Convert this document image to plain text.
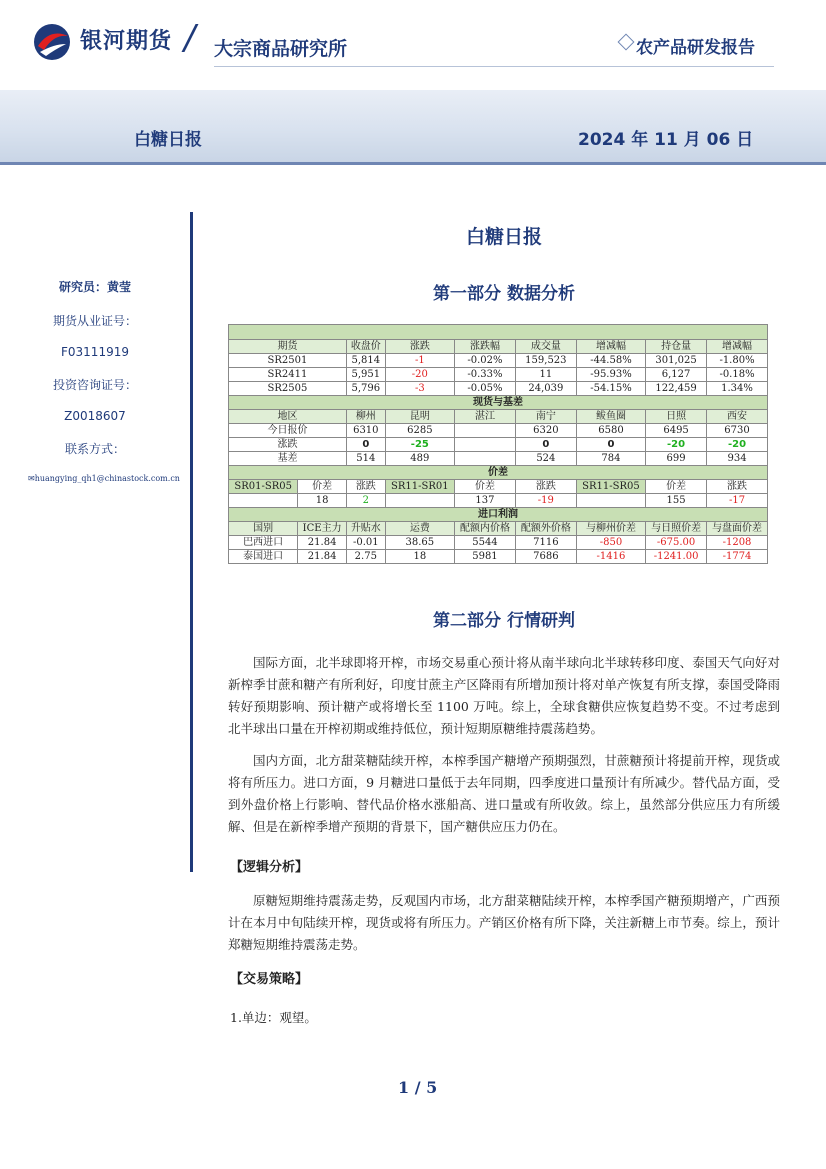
银河期货 / 大宗商品研究所	农产品研发报告
白糖日报	2024 年 11 月 06 日
研究员：黄莹
期货从业证号：
F03111919
投资咨询证号：
Z0018607
联系方式：
✉huangying_qh1@chinastock.com.cn
白糖日报
第一部分 数据分析

期货		收盘价	涨跌	涨跌幅	成交量	增减幅	持仓量	增减幅
SR2501		5,814	-1	-0.02%	159,523	-44.58%	301,025	-1.80%
SR2411		5,951	-20	-0.33%	11	-95.93%	6,127	-0.18%
SR2505		5,796	-3	-0.05%	24,039	-54.15%	122,459	1.34%
现货与基差								
地区		柳州	昆明	湛江	南宁	鲅鱼圈	日照	西安
今日报价		6310	6285		6320	6580	6495	6730
涨跌		0	-25		0	0	-20	-20
基差		514	489		524	784	699	934
价差								
SR01-SR05	价差	涨跌	SR11-SR01	价差	涨跌	SR11-SR05	价差	涨跌
	18	2		137	-19		155	-17
进口利润								
国别	ICE主力	升贴水	运费	配额内价格	配额外价格	与柳州价差	与日照价差	与盘面价差
巴西进口	21.84	-0.01	38.65	5544	7116	-850	-675.00	-1208
泰国进口	21.84	2.75	18	5981	7686	-1416	-1241.00	-1774
第二部分 行情研判

国际方面，北半球即将开榨，市场交易重心预计将从南半球向北半球转移印度、泰国天气向好对新榨季甘蔗和糖产有所利好，印度甘蔗主产区降雨有所增加预计将对单产恢复有所支撑，泰国受降雨转好预期影响、预计糖产或将增长至 1100 万吨。综上，全球食糖供应恢复趋势不变。不过考虑到北半球出口量在开榨初期或维持低位，预计短期原糖维持震荡趋势。

国内方面，北方甜菜糖陆续开榨，本榨季国产糖增产预期强烈，甘蔗糖预计将提前开榨，现货或将有所压力。进口方面，9 月糖进口量低于去年同期，四季度进口量预计有所减少。替代品方面，受到外盘价格上行影响、替代品价格水涨船高、进口量或有所收敛。综上，虽然部分供应压力有所缓解、但是在新榨季增产预期的背景下，国产糖供应压力仍在。

【逻辑分析】

原糖短期维持震荡走势，反观国内市场，北方甜菜糖陆续开榨，本榨季国产糖预期增产，广西预计在本月中旬陆续开榨，现货或将有所压力。产销区价格有所下降，关注新糖上市节奏。综上，预计郑糖短期维持震荡走势。

【交易策略】
1.单边：观望。
1 / 5
